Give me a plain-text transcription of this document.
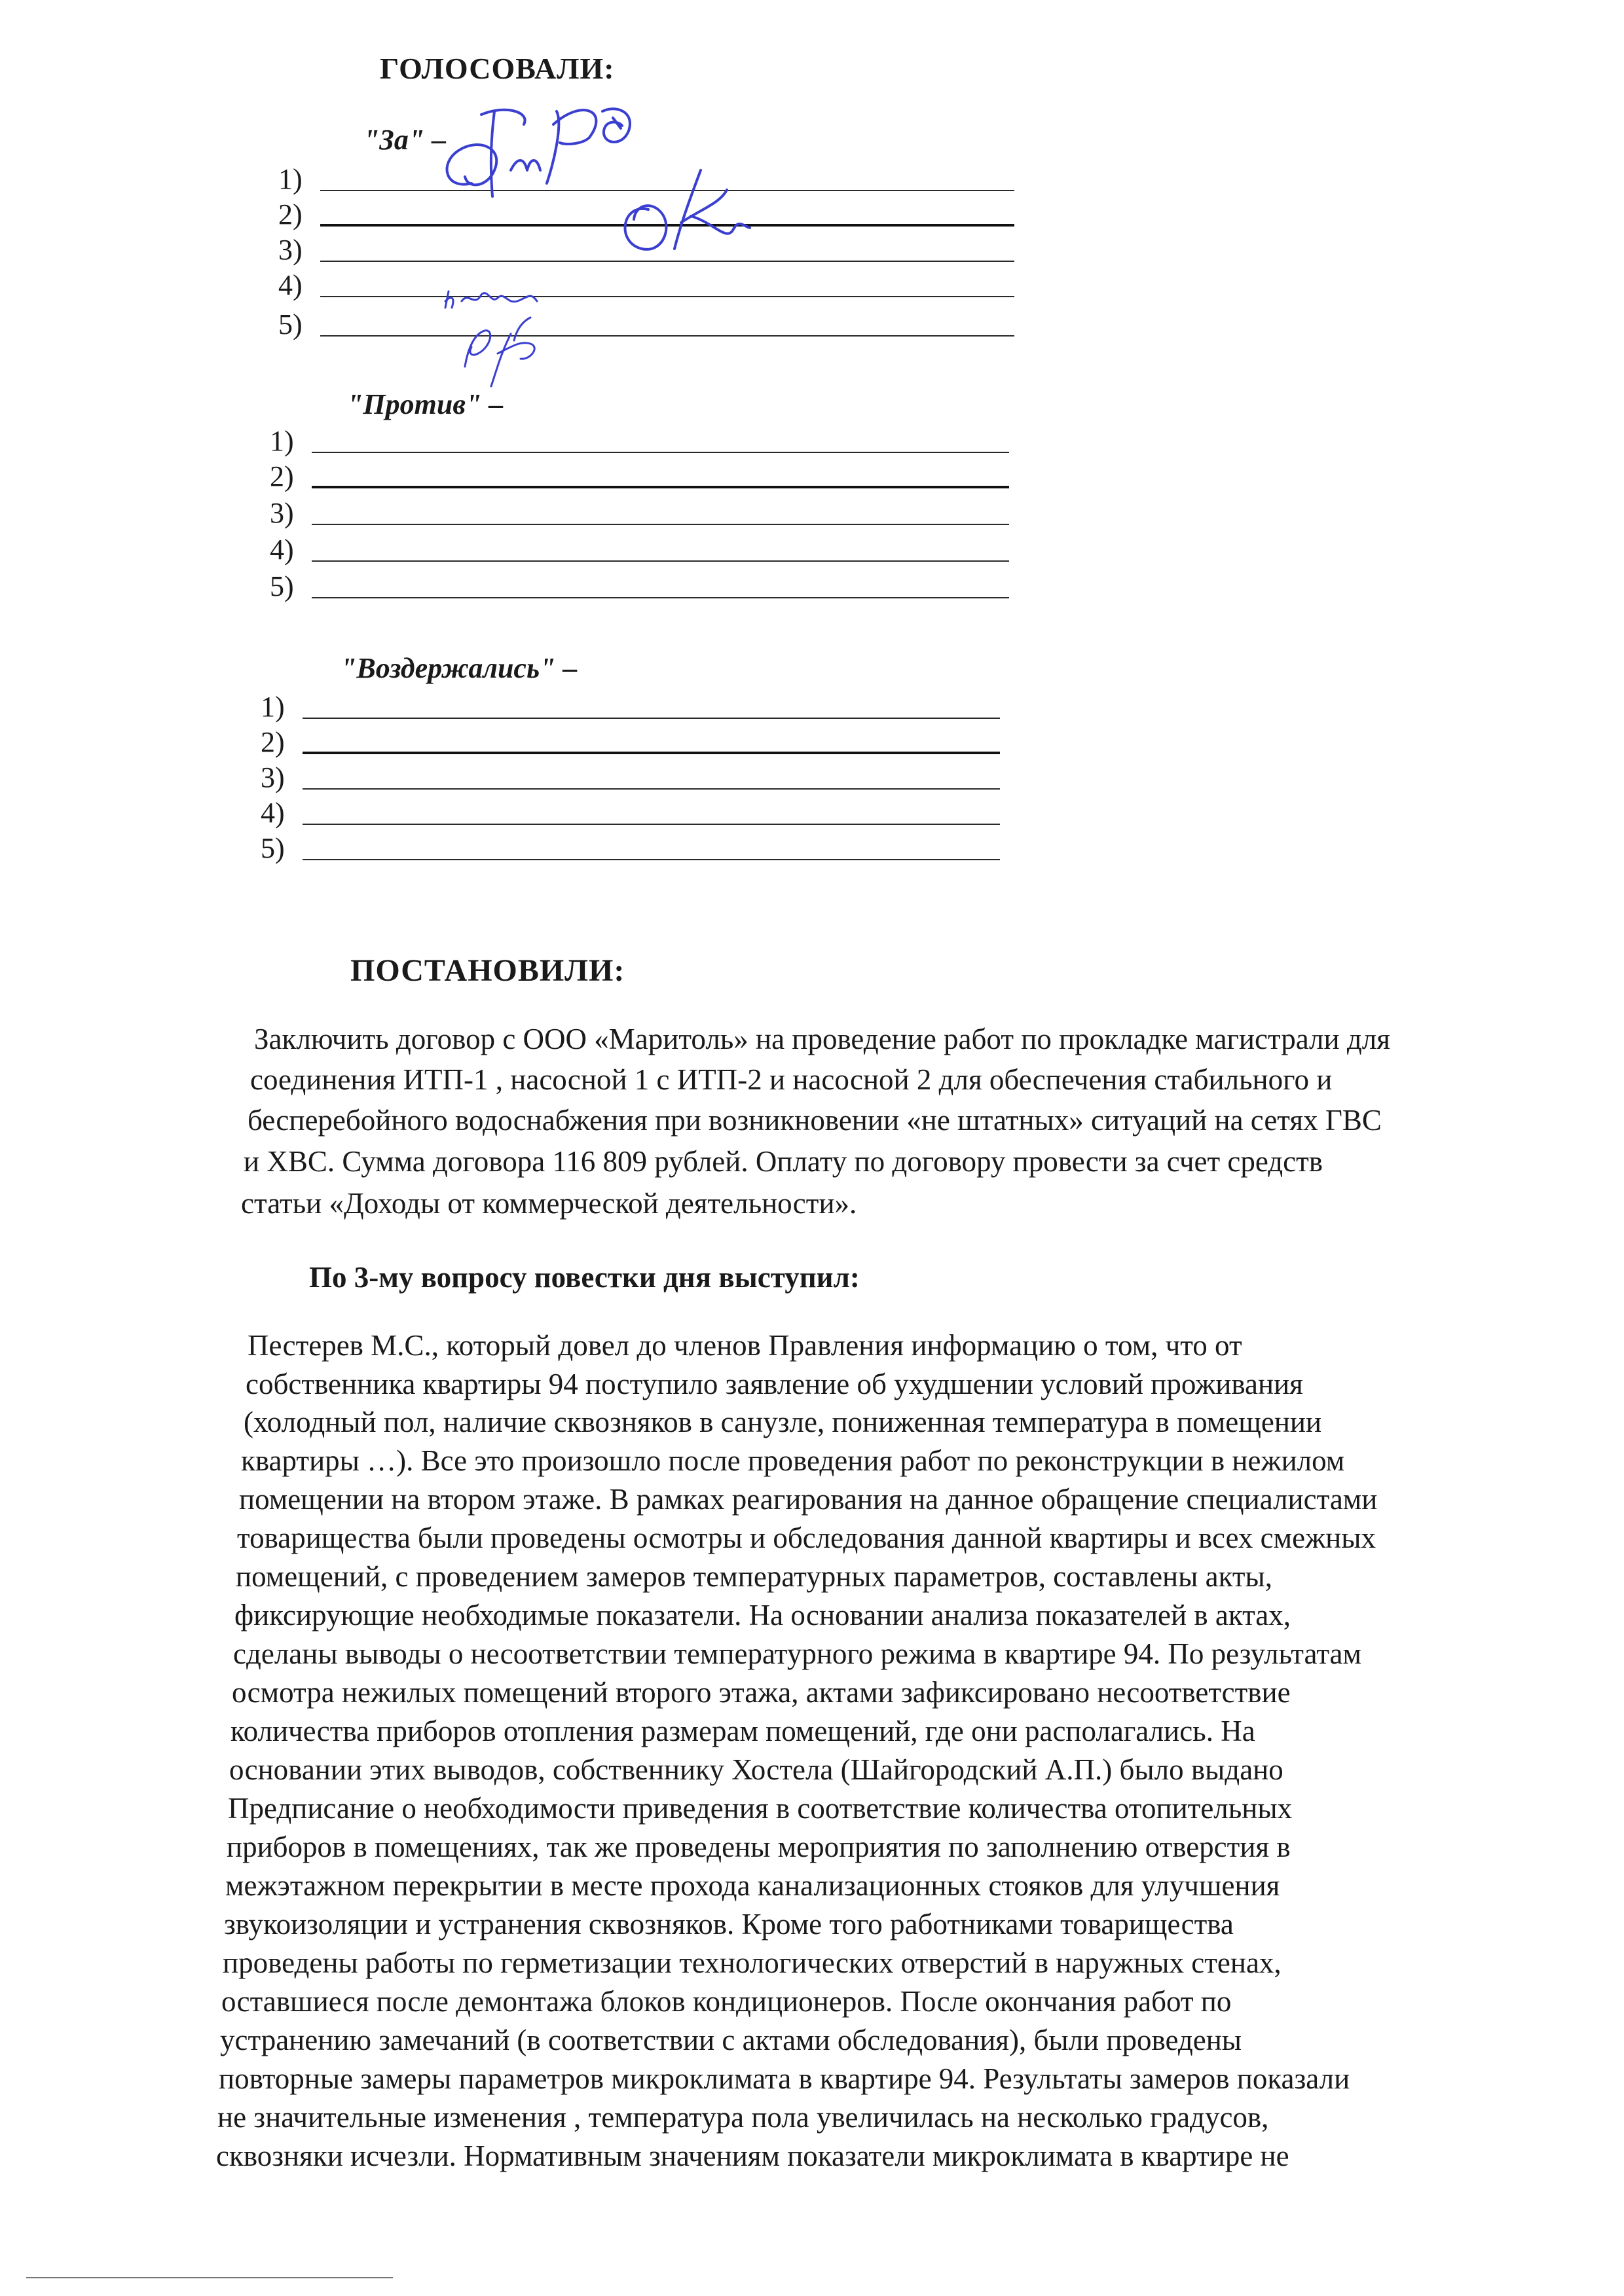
ГОЛОСОВАЛИ:
"За" –
1)
2)
3)
4)
5)
"Против" –
1)
2)
3)
4)
5)
"Воздержались" –
1)
2)
3)
4)
5)
ПОСТАНОВИЛИ:
Заключить договор с ООО «Маритоль» на проведение работ по прокладке магистрали для
соединения ИТП-1 , насосной 1 с ИТП-2 и насосной 2 для обеспечения стабильного и
бесперебойного водоснабжения при возникновении «не штатных» ситуаций на сетях ГВС
и ХВС. Сумма договора 116 809 рублей. Оплату по договору провести за счет средств
статьи «Доходы от коммерческой деятельности».
По 3-му вопросу повестки дня выступил:
Пестерев М.С., который довел до членов Правления информацию о том, что от
собственника квартиры 94 поступило заявление об ухудшении условий проживания
(холодный пол, наличие сквозняков в санузле, пониженная температура в помещении
квартиры …). Все это произошло после проведения работ по реконструкции в нежилом
помещении на втором этаже. В рамках реагирования на данное обращение специалистами
товарищества были проведены осмотры и обследования данной квартиры и всех смежных
помещений, с проведением замеров температурных параметров, составлены акты,
фиксирующие необходимые показатели. На основании анализа показателей в актах,
сделаны выводы о несоответствии температурного режима в квартире 94. По результатам
осмотра нежилых помещений второго этажа, актами зафиксировано несоответствие
количества приборов отопления размерам помещений, где они располагались. На
основании этих выводов, собственнику Хостела (Шайгородский А.П.) было выдано
Предписание о необходимости приведения в соответствие количества отопительных
приборов в помещениях, так же проведены мероприятия по заполнению отверстия в
межэтажном перекрытии в месте прохода канализационных стояков для улучшения
звукоизоляции и устранения сквозняков. Кроме того работниками товарищества
проведены работы по герметизации технологических отверстий в наружных стенах,
оставшиеся после демонтажа блоков кондиционеров. После окончания работ по
устранению замечаний (в соответствии с актами обследования), были проведены
повторные замеры параметров микроклимата в квартире 94. Результаты замеров показали
не значительные изменения , температура пола увеличилась на несколько градусов,
сквозняки исчезли. Нормативным значениям показатели микроклимата в квартире не
